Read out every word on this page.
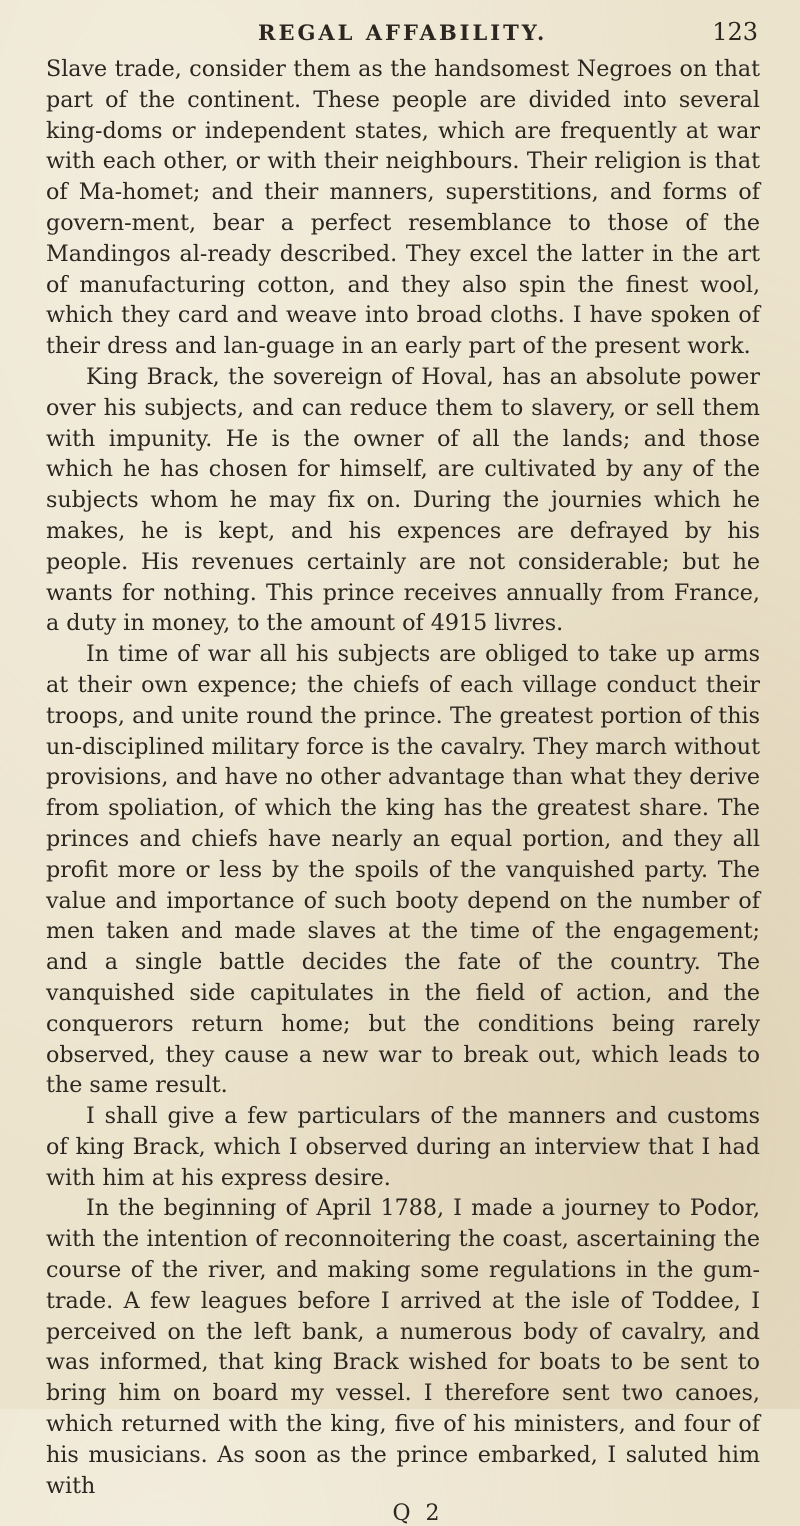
REGAL AFFABILITY.	123

Slave trade, consider them as the handsomest Negroes on that part of the continent. These people are divided into several king-doms or independent states, which are frequently at war with each other, or with their neighbours. Their religion is that of Ma-homet; and their manners, superstitions, and forms of govern-ment, bear a perfect resemblance to those of the Mandingos al-ready described. They excel the latter in the art of manufacturing cotton, and they also spin the finest wool, which they card and weave into broad cloths. I have spoken of their dress and lan-guage in an early part of the present work.

King Brack, the sovereign of Hoval, has an absolute power over his subjects, and can reduce them to slavery, or sell them with impunity. He is the owner of all the lands; and those which he has chosen for himself, are cultivated by any of the subjects whom he may fix on. During the journies which he makes, he is kept, and his expences are defrayed by his people. His revenues certainly are not considerable; but he wants for nothing. This prince receives annually from France, a duty in money, to the amount of 4915 livres.

In time of war all his subjects are obliged to take up arms at their own expence; the chiefs of each village conduct their troops, and unite round the prince. The greatest portion of this un-disciplined military force is the cavalry. They march without provisions, and have no other advantage than what they derive from spoliation, of which the king has the greatest share. The princes and chiefs have nearly an equal portion, and they all profit more or less by the spoils of the vanquished party. The value and importance of such booty depend on the number of men taken and made slaves at the time of the engagement; and a single battle decides the fate of the country. The vanquished side capitulates in the field of action, and the conquerors return home; but the conditions being rarely observed, they cause a new war to break out, which leads to the same result.

I shall give a few particulars of the manners and customs of king Brack, which I observed during an interview that I had with him at his express desire.

In the beginning of April 1788, I made a journey to Podor, with the intention of reconnoitering the coast, ascertaining the course of the river, and making some regulations in the gum-trade. A few leagues before I arrived at the isle of Toddee, I perceived on the left bank, a numerous body of cavalry, and was informed, that king Brack wished for boats to be sent to bring him on board my vessel. I therefore sent two canoes, which returned with the king, five of his ministers, and four of his musicians. As soon as the prince embarked, I saluted him with

Q 2
